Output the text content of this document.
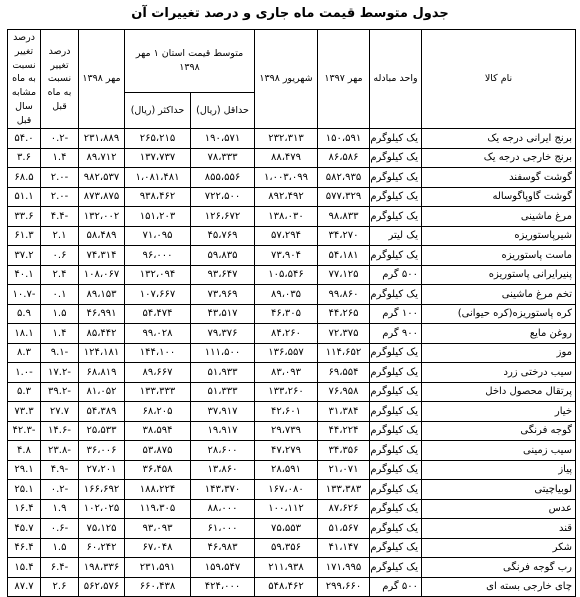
جدول متوسط قیمت ماه جاری و درصد تغییرات آن
نام کالا	واحد مبادله	مهر ۱۳۹۷	شهریور ۱۳۹۸	متوسط قیمت استان ۱ مهر ۱۳۹۸		مهر ۱۳۹۸	درصد تغییر نسبت به ماه قبل	درصد تغییر نسبت به ماه مشابه سال قبل
				حداقل (ریال)	حداکثر (ریال)			
برنج ایرانی درجه یک	یک کیلوگرم	۱۵۰،۵۹۱	۲۳۲،۳۱۳	۱۹۰،۵۷۱	۲۶۵،۲۱۵	۲۳۱،۸۸۹	-۰.۲	۵۴.۰
برنج خارجی درجه یک	یک کیلوگرم	۸۶،۵۸۶	۸۸،۴۷۹	۷۸،۳۳۳	۱۳۷،۷۳۷	۸۹،۷۱۲	۱.۴	۳.۶
گوشت گوسفند	یک کیلوگرم	۵۸۲،۹۳۵	۱،۰۰۳،۰۹۹	۸۵۵،۵۵۶	۱،۰۸۱،۴۸۱	۹۸۲،۵۳۷	-۲.۰	۶۸.۵
گوشت گاوپاگوساله	یک کیلوگرم	۵۷۷،۳۲۹	۸۹۲،۴۹۲	۷۲۲،۵۰۰	۹۳۸،۴۶۲	۸۷۳،۸۷۵	-۲.۰	۵۱.۱
مرغ ماشینی	یک کیلوگرم	۹۸،۸۳۳	۱۳۸،۰۳۰	۱۲۶،۶۷۲	۱۵۱،۲۰۳	۱۳۲،۰۰۲	-۴.۴	۳۳.۶
شیرپاستوریزه	یک لیتر	۳۴،۲۷۰	۵۷،۲۹۴	۴۵،۷۶۹	۷۱،۰۹۵	۵۸،۴۸۹	۲.۱	۶۱.۳
ماست پاستوریزه	یک کیلوگرم	۵۴،۱۸۱	۷۳،۹۰۴	۵۹،۸۳۵	۹۶،۰۰۰	۷۴،۳۱۴	۰.۶	۳۷.۲
پنیرایرانی پاستوریزه	۵۰۰ گرم	۷۷،۱۲۵	۱۰۵،۵۴۶	۹۳،۶۴۷	۱۳۲،۰۹۴	۱۰۸،۰۶۷	۲.۴	۴۰.۱
تخم مرغ ماشینی	یک کیلوگرم	۹۹،۸۶۰	۸۹،۰۳۵	۷۳،۹۶۹	۱۰۷،۶۶۷	۸۹،۱۵۳	۰.۱	-۱۰.۷
کره پاستوریزه(کره حیوانی)	۱۰۰ گرم	۴۴،۲۶۵	۴۶،۳۰۵	۴۳،۵۱۷	۵۴،۴۷۴	۴۶،۹۹۱	۱.۵	۵.۹
روغن مایع	۹۰۰ گرم	۷۲،۳۷۵	۸۴،۲۶۰	۷۹،۳۷۶	۹۹،۰۲۸	۸۵،۴۴۲	۱.۴	۱۸.۱
موز	یک کیلوگرم	۱۱۴،۶۵۲	۱۳۶،۵۵۷	۱۱۱،۵۰۰	۱۴۴،۱۰۰	۱۲۴،۱۸۱	-۹.۱	۸.۳
سیب درختی زرد	یک کیلوگرم	۶۹،۵۵۴	۸۳،۰۹۳	۵۱،۹۳۳	۸۹،۶۶۷	۶۸،۸۱۹	-۱۷.۲	-۱.۰
پرتقال محصول داخل	یک کیلوگرم	۷۶،۹۵۸	۱۳۳،۲۶۰	۵۱،۳۳۳	۱۳۳،۳۳۳	۸۱،۰۵۲	-۳۹.۲	۵.۳
خیار	یک کیلوگرم	۳۱،۳۸۴	۴۲،۶۰۱	۳۷،۹۱۷	۶۸،۲۰۵	۵۴،۳۸۹	۲۷.۷	۷۳.۳
گوجه فرنگی	یک کیلوگرم	۴۴،۲۲۴	۲۹،۷۳۹	۱۹،۹۱۷	۳۸،۵۹۴	۲۵،۵۳۳	-۱۴.۶	-۴۲.۳
سیب زمینی	یک کیلوگرم	۳۴،۳۵۶	۴۷،۲۷۹	۲۸،۶۰۰	۵۳،۸۷۵	۳۶،۰۰۶	-۲۳.۸	۴.۸
پیاز	یک کیلوگرم	۲۱،۰۷۱	۲۸،۵۹۱	۱۳،۸۶۰	۳۶،۴۵۸	۲۷،۲۰۱	-۴.۹	۲۹.۱
لوبیاچیتی	یک کیلوگرم	۱۳۳،۳۸۳	۱۶۷،۰۸۰	۱۴۳،۳۷۰	۱۸۸،۲۲۴	۱۶۶،۶۹۲	-۰.۲	۲۵.۱
عدس	یک کیلوگرم	۸۷،۶۲۶	۱۰۰،۱۱۲	۸۸،۰۰۰	۱۱۹،۳۰۵	۱۰۲،۰۲۵	۱.۹	۱۶.۴
قند	یک کیلوگرم	۵۱،۵۶۷	۷۵،۵۵۳	۶۱،۰۰۰	۹۳،۰۹۳	۷۵،۱۲۵	-۰.۶	۴۵.۷
شکر	یک کیلوگرم	۴۱،۱۴۷	۵۹،۳۵۶	۴۶،۹۸۳	۶۷،۰۴۸	۶۰،۲۴۲	۱.۵	۴۶.۴
رب گوجه فرنگی	یک کیلوگرم	۱۷۱،۹۹۵	۲۱۱،۹۳۸	۱۵۹،۵۴۷	۲۳۱،۵۹۱	۱۹۸،۳۳۶	-۶.۴	۱۵.۴
چای خارجی بسته ای	۵۰۰ گرم	۲۹۹،۶۶۰	۵۴۸،۴۶۲	۴۲۴،۰۰۰	۶۶۰،۴۳۸	۵۶۲،۵۷۶	۲.۶	۸۷.۷
